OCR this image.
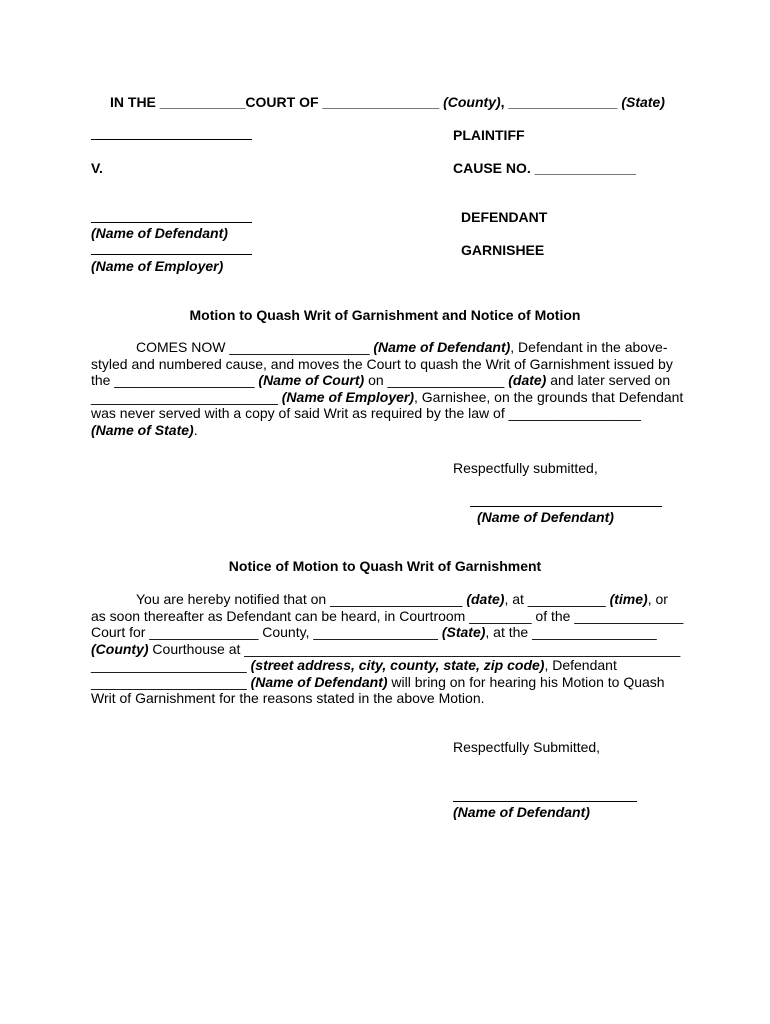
IN THE ___________COURT OF _______________ (County), ______________ (State)
PLAINTIFF
V.	CAUSE NO. _____________
DEFENDANT
(Name of Defendant)
GARNISHEE
(Name of Employer)
Motion to Quash Writ of Garnishment and Notice of Motion
COMES NOW __________________ (Name of Defendant), Defendant in the above-
styled and numbered cause, and moves the Court to quash the Writ of Garnishment issued by
the __________________ (Name of Court) on _______________ (date) and later served on
________________________ (Name of Employer), Garnishee, on the grounds that Defendant
was never served with a copy of said Writ as required by the law of _________________
(Name of State).
Respectfully submitted,
(Name of Defendant)
Notice of Motion to Quash Writ of Garnishment
You are hereby notified that on _________________ (date), at __________ (time), or
as soon thereafter as Defendant can be heard, in Courtroom ________ of the ______________
Court for ______________ County, ________________ (State), at the ________________
(County) Courthouse at ________________________________________________________
____________________ (street address, city, county, state, zip code), Defendant
____________________ (Name of Defendant) will bring on for hearing his Motion to Quash
Writ of Garnishment for the reasons stated in the above Motion.
Respectfully Submitted,
(Name of Defendant)
